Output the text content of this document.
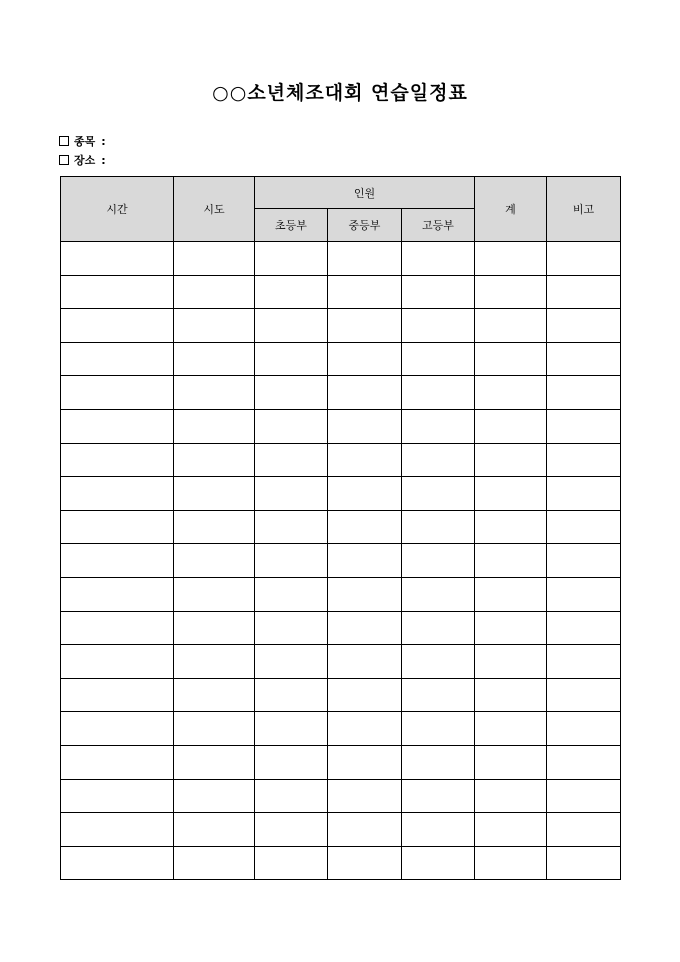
○○소년체조대회 연습일정표
종목 :
장소 :
시간	시도	인원			계	비고
		초등부	중등부	고등부		
